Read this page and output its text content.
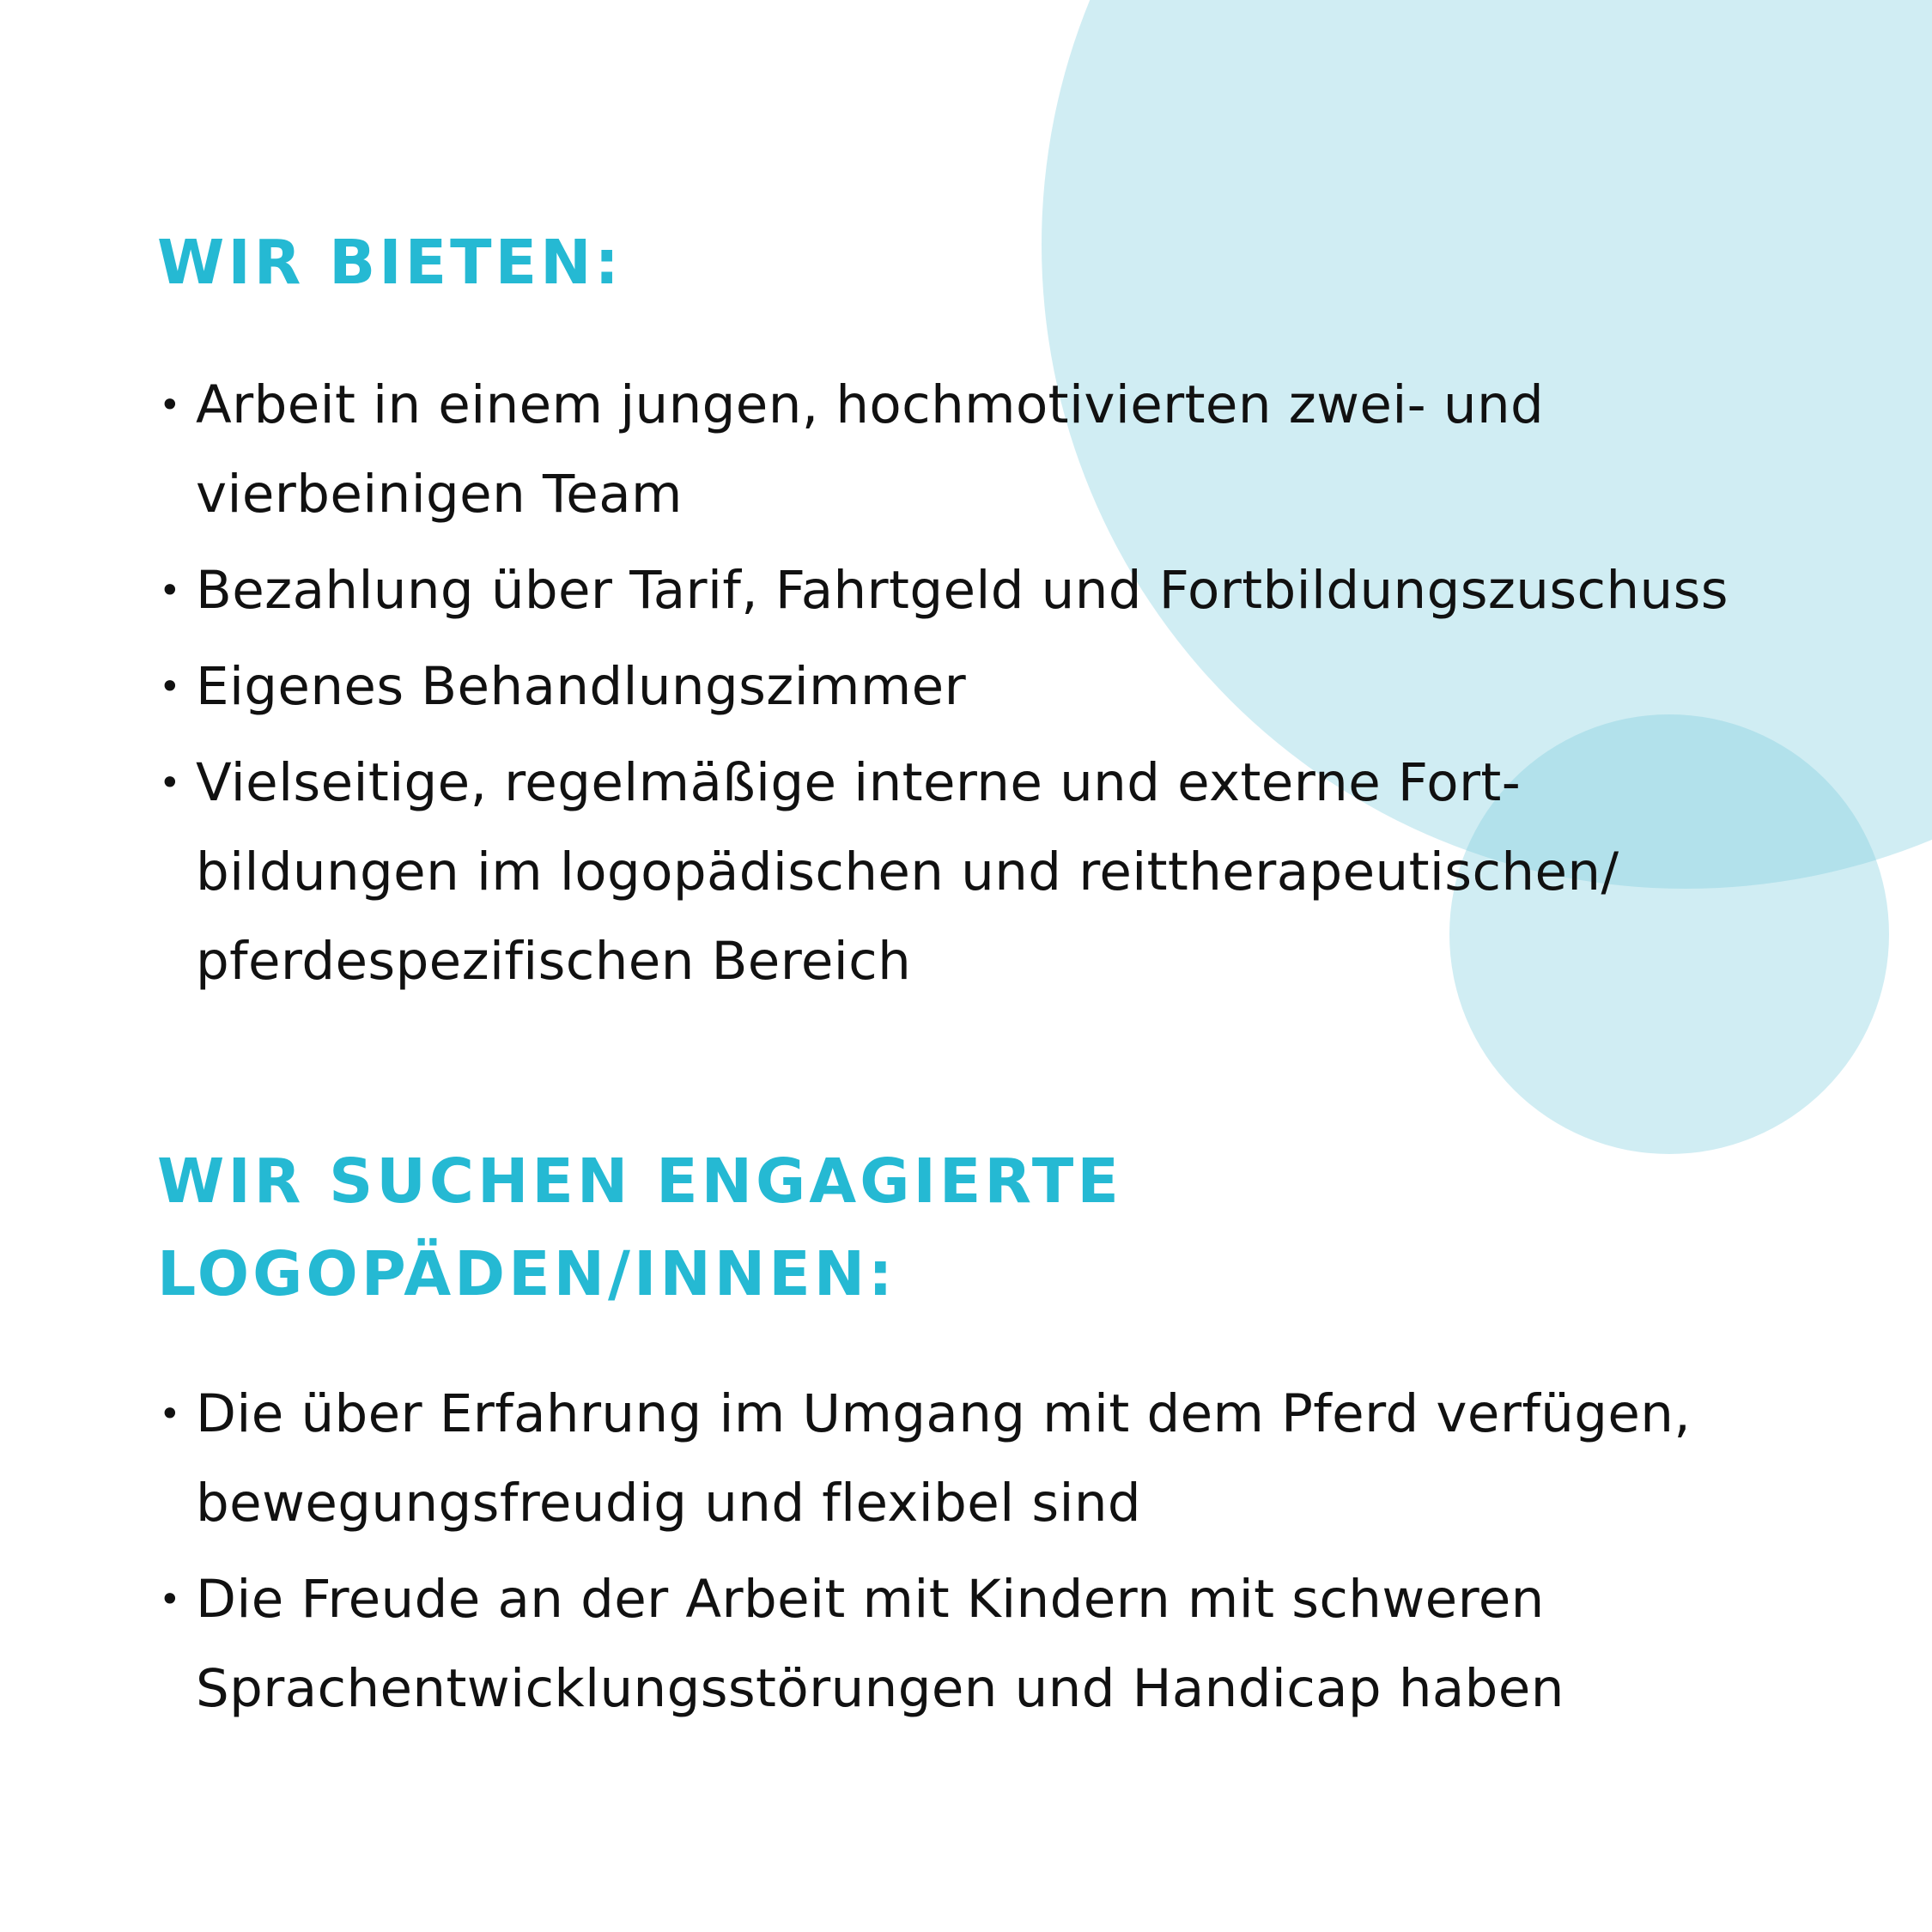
WIR BIETEN:
• Arbeit in einem jungen, hochmotivierten zwei- und
vierbeinigen Team
• Bezahlung über Tarif, Fahrtgeld und Fortbildungszuschuss
• Eigenes Behandlungszimmer
• Vielseitige, regelmäßige interne und externe Fort-
bildungen im logopädischen und reittherapeutischen/
pferdespezifischen Bereich
WIR SUCHEN ENGAGIERTE
LOGOPÄDEN/INNEN:
• Die über Erfahrung im Umgang mit dem Pferd verfügen,
bewegungsfreudig und flexibel sind
• Die Freude an der Arbeit mit Kindern mit schweren
Sprachentwicklungsstörungen und Handicap haben
